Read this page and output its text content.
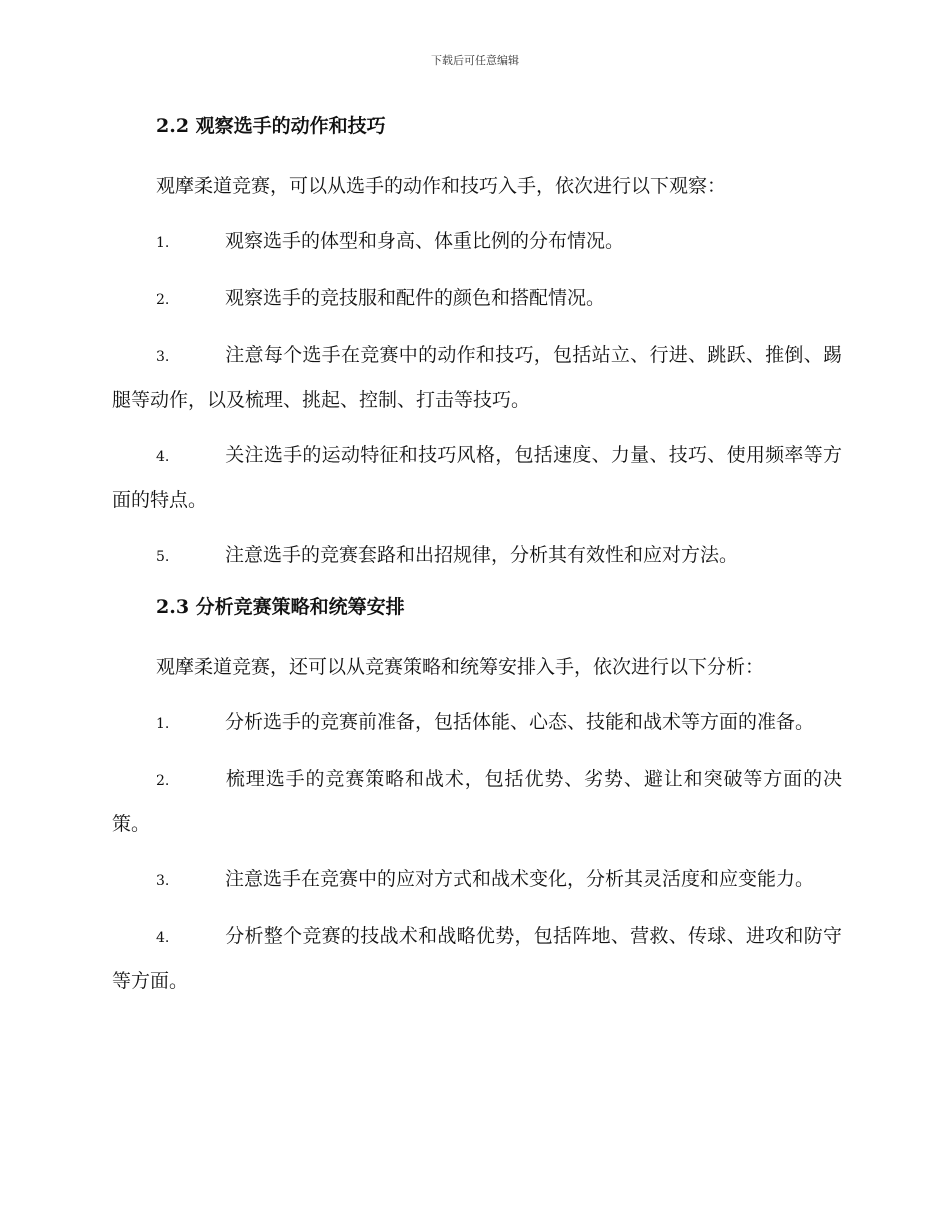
下载后可任意编辑
2.2 观察选手的动作和技巧

观摩柔道竞赛，可以从选手的动作和技巧入手，依次进行以下观察：

1.	观察选手的体型和身高、体重比例的分布情况。

2.	观察选手的竞技服和配件的颜色和搭配情况。

3.	注意每个选手在竞赛中的动作和技巧，包括站立、行进、跳跃、推倒、踢腿等动作，以及梳理、挑起、控制、打击等技巧。

4.	关注选手的运动特征和技巧风格，包括速度、力量、技巧、使用频率等方面的特点。

5.	注意选手的竞赛套路和出招规律，分析其有效性和应对方法。

2.3 分析竞赛策略和统筹安排

观摩柔道竞赛，还可以从竞赛策略和统筹安排入手，依次进行以下分析：

1.	分析选手的竞赛前准备，包括体能、心态、技能和战术等方面的准备。

2.	梳理选手的竞赛策略和战术，包括优势、劣势、避让和突破等方面的决策。

3.	注意选手在竞赛中的应对方式和战术变化，分析其灵活度和应变能力。

4.	分析整个竞赛的技战术和战略优势，包括阵地、营救、传球、进攻和防守等方面。
